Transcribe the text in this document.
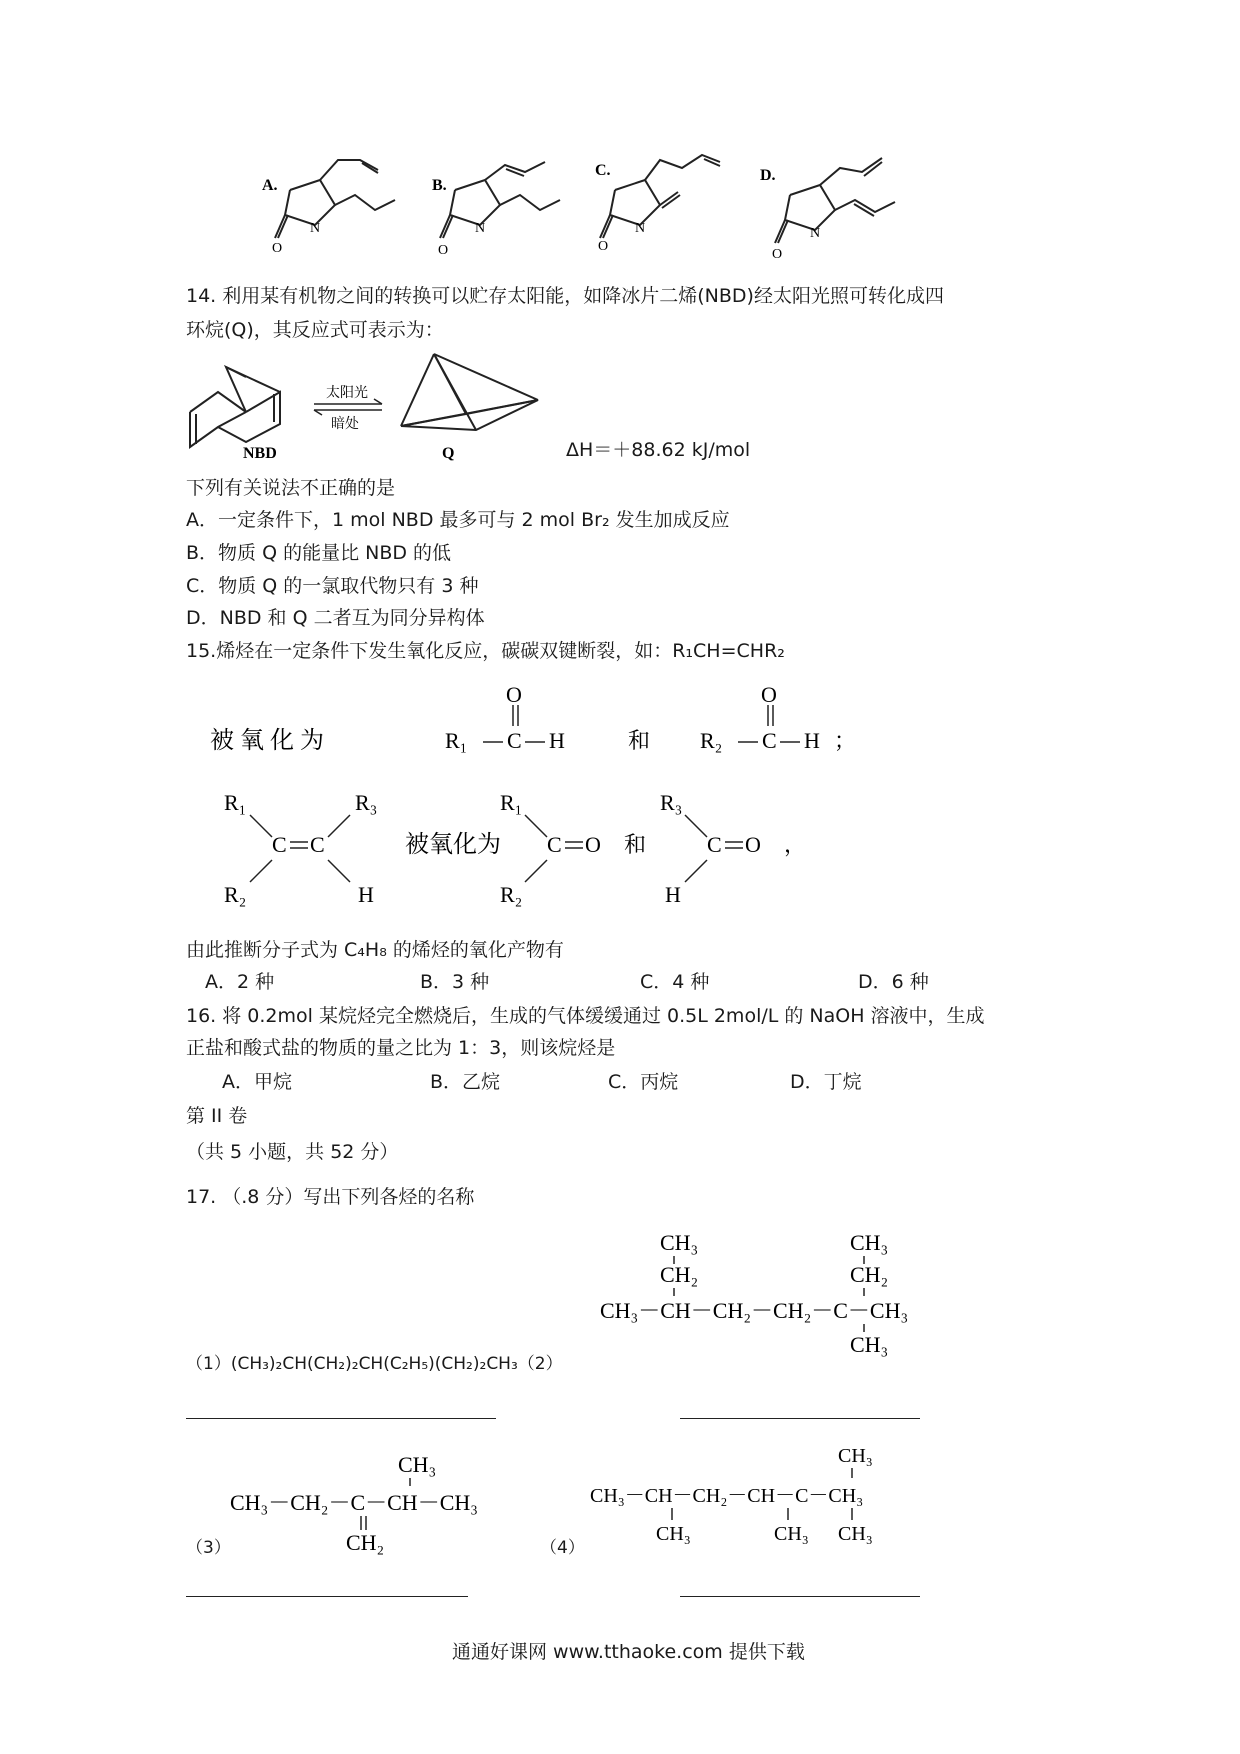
A.
O
N
B.
O
N
C.
O
N
D.
O
N
14. 利用某有机物之间的转换可以贮存太阳能，如降冰片二烯(NBD)经太阳光照可转化成四
环烷(Q)，其反应式可表示为：
NBD
太阳光
暗处
Q	ΔH＝＋88.62 kJ/mol
下列有关说法不正确的是
A．一定条件下，1 mol NBD 最多可与 2 mol Br₂ 发生加成反应
B．物质 Q 的能量比 NBD 的低
C．物质 Q 的一氯取代物只有 3 种
D．NBD 和 Q 二者互为同分异构体
15.烯烃在一定条件下发生氧化反应，碳碳双键断裂，如：R₁CH=CHR₂
被 氧 化 为	R₁ C H
O
和 R₂ C H
O
；
R₁	R₃
C C
R₂	H
被氧化为
R₁
C O
R₂
和
R₃
C O
H
，
由此推断分子式为 C₄H₈ 的烯烃的氧化产物有
A．2 种	B．3 种	C．4 种	D．6 种
16. 将 0.2mol 某烷烃完全燃烧后，生成的气体缓缓通过 0.5L 2mol/L 的 NaOH 溶液中，生成
正盐和酸式盐的物质的量之比为 1：3，则该烷烃是
A．甲烷	B．乙烷	C．丙烷	D．丁烷
第 II 卷
（共 5 小题，共 52 分）
17. （.8 分）写出下列各烃的名称
CH₃
CH₂
CH₃－CH－CH₂－CH₂－C－CH₃
CH₃
CH₂
CH₃
（1）(CH₃)₂CH(CH₂)₂CH(C₂H₅)(CH₂)₂CH₃（2）
CH₃
CH₃－CH₂－C－CH－CH₃
CH₂
（3）
CH₃
CH₃－CH－CH₂－CH－C－CH₃
CH₃	CH₃ CH₃
（4）
通通好课网 www.tthaoke.com 提供下载
